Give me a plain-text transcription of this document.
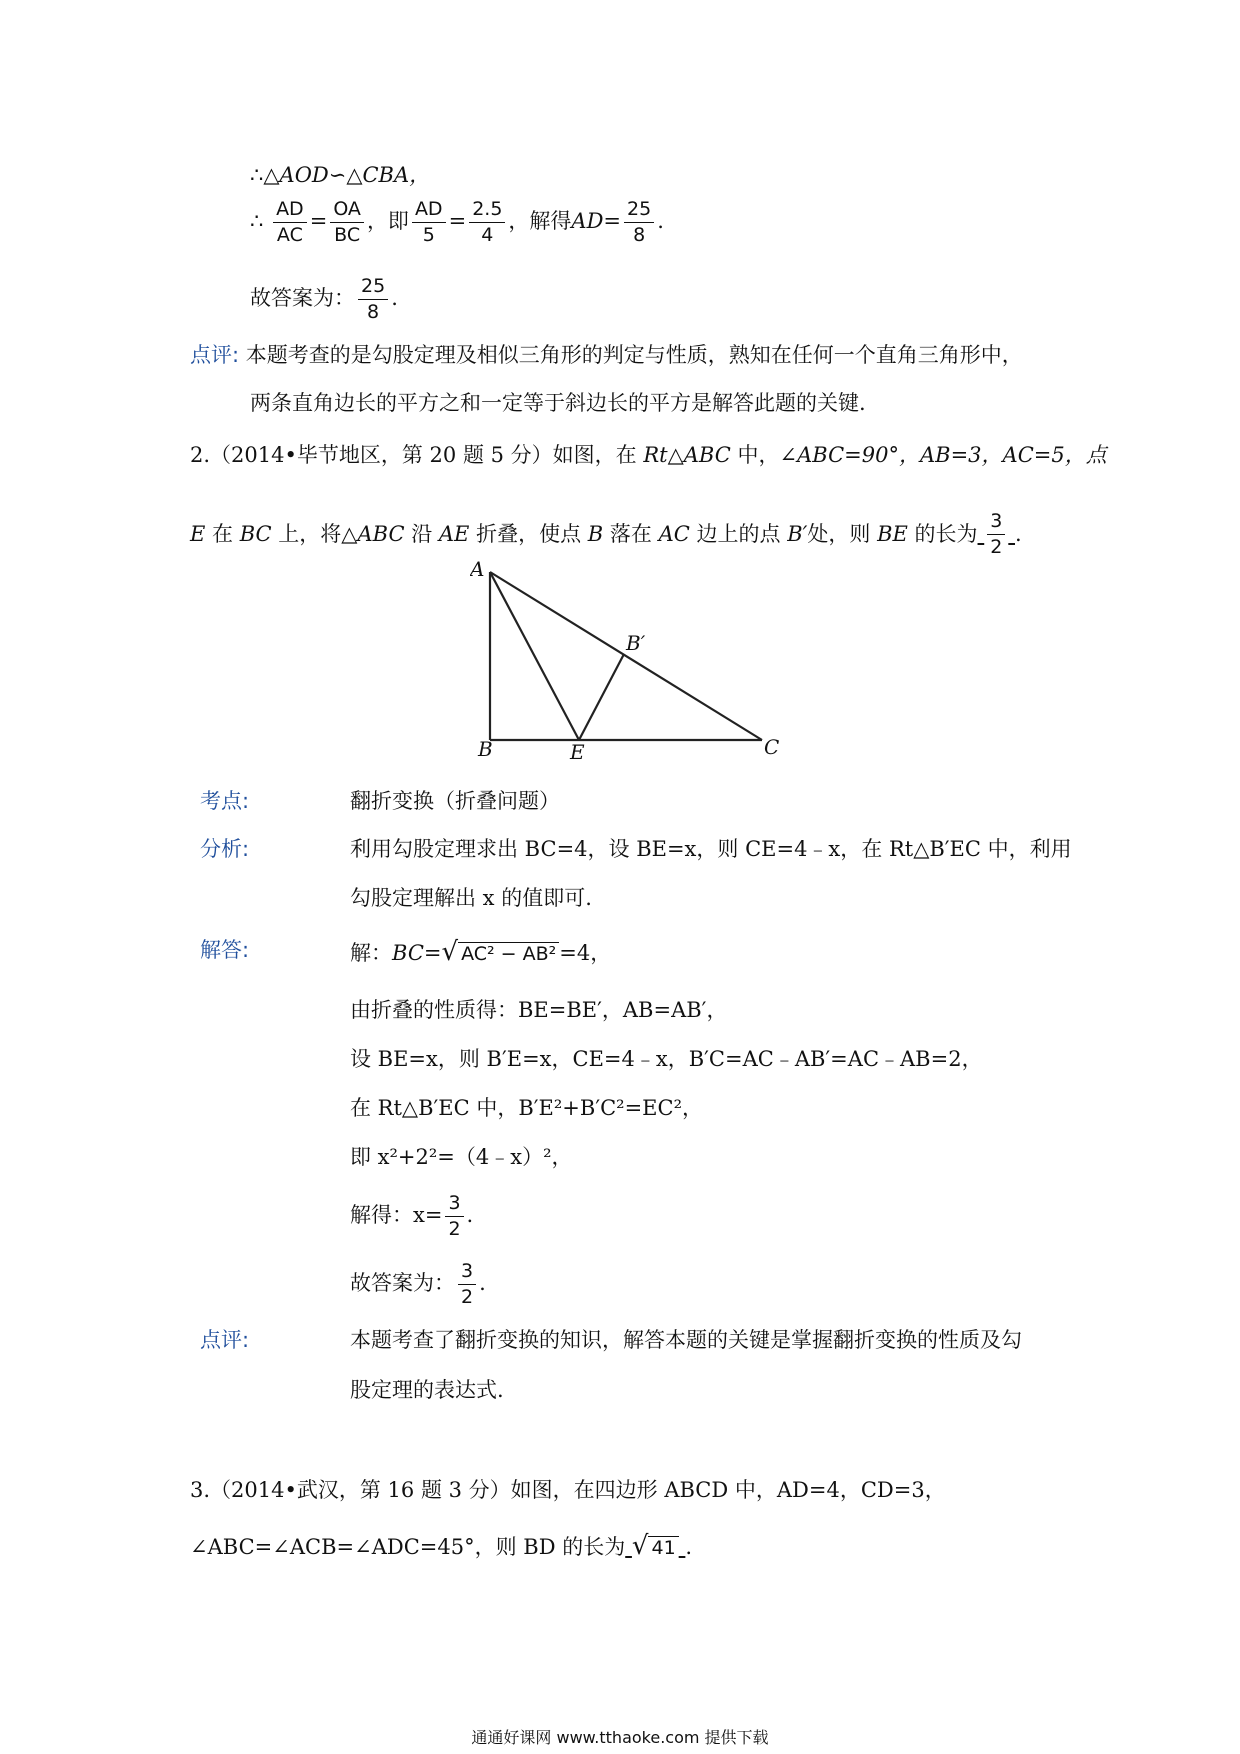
∴△AOD∽△CBA，
∴ $\frac{AD}{AC} = \frac{OA}{BC}$ ，即 $\frac{AD}{5} = \frac{2.5}{4}$ ，解得$AD= \frac{25}{8}$ .
故答案为： $\frac{25}{8}$ .
点评: 本题考查的是勾股定理及相似三角形的判定与性质，熟知在任何一个直角三角形中，
两条直角边长的平方之和一定等于斜边长的平方是解答此题的关键.
2.（2014•毕节地区，第 20 题 5 分）如图，在 Rt△ABC 中，∠ABC=90°，AB=3，AC=5，点
E 在 BC 上，将△ABC 沿 AE 折叠，使点 B 落在 AC 边上的点 B′处，则 BE 的长为 $\frac{3}{2}$ .
A
B	C
E
B′
考点:	翻折变换（折叠问题）
分析:	利用勾股定理求出 BC=4，设 BE=x，则 CE=4﹣x，在 Rt△B′EC 中，利用
勾股定理解出 x 的值即可.
解答:	解：BC=√ AC² − AB² =4，
由折叠的性质得：BE=BE′，AB=AB′，
设 BE=x，则 B′E=x，CE=4﹣x，B′C=AC﹣AB′=AC﹣AB=2，
在 Rt△B′EC 中，B′E²+B′C²=EC²，
即 x²+2²=（4﹣x）²，
解得：$x= \frac{3}{2}$ .
故答案为： $\frac{3}{2}$ .
点评:	本题考查了翻折变换的知识，解答本题的关键是掌握翻折变换的性质及勾
股定理的表达式.
3.（2014•武汉，第 16 题 3 分）如图，在四边形 ABCD 中，AD=4，CD=3，
∠ABC=∠ACB=∠ADC=45°，则 BD 的长为 √ 41 .
通通好课网 www.tthaoke.com 提供下载
